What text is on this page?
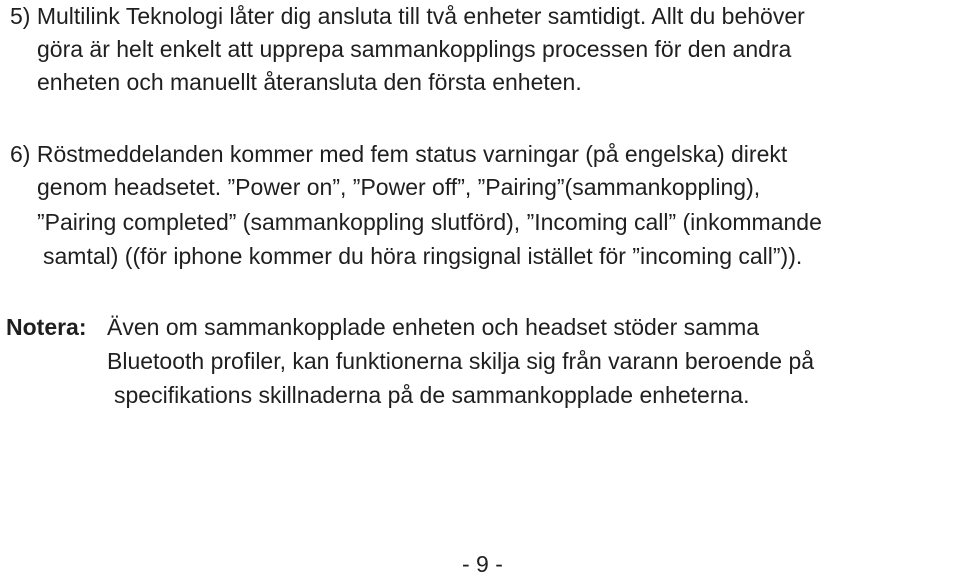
5) Multilink Teknologi låter dig ansluta till två enheter samtidigt. Allt du behöver
göra är helt enkelt att upprepa sammankopplings processen för den andra
enheten och manuellt återansluta den första enheten.
6) Röstmeddelanden kommer med fem status varningar (på engelska) direkt
genom headsetet. ”Power on”, ”Power off”, ”Pairing”(sammankoppling),
”Pairing completed” (sammankoppling slutförd), ”Incoming call” (inkommande
samtal) ((för iphone kommer du höra ringsignal istället för ”incoming call”)).
Notera: Även om sammankopplade enheten och headset stöder samma
Bluetooth profiler, kan funktionerna skilja sig från varann beroende på
specifikations skillnaderna på de sammankopplade enheterna.
- 9 -
